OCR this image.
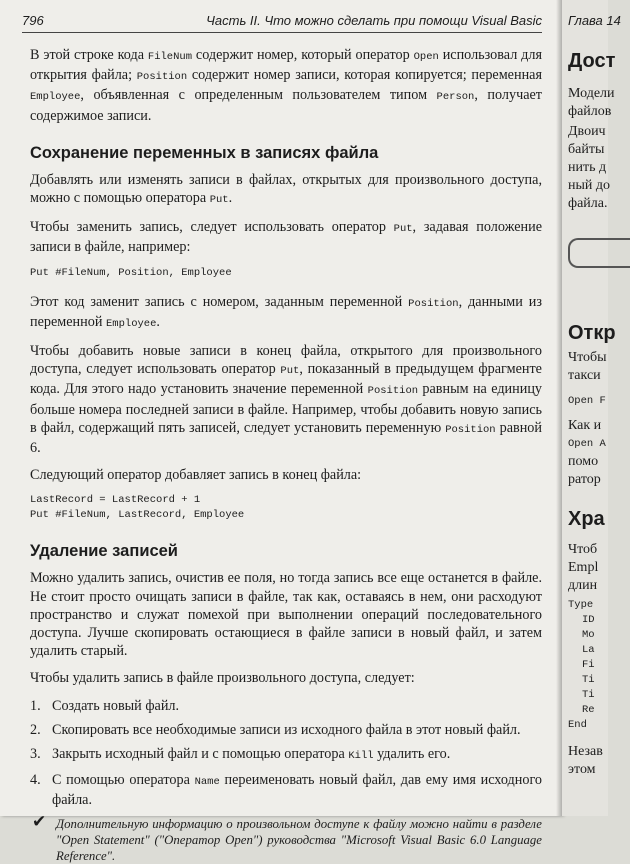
796	Часть II. Что можно сделать при помощи Visual Basic

В этой строке кода FileNum содержит номер, который оператор Open использовал для открытия файла; Position содержит номер записи, которая копируется; переменная Employee, объявленная с определенным пользователем типом Person, получает содержимое записи.

Сохранение переменных в записях файла

Добавлять или изменять записи в файлах, открытых для произвольного доступа, можно с помощью оператора Put.

Чтобы заменить запись, следует использовать оператор Put, задавая положение записи в файле, например:

Put #FileNum, Position, Employee

Этот код заменит запись с номером, заданным переменной Position, данными из переменной Employee.

Чтобы добавить новые записи в конец файла, открытого для произвольного доступа, следует использовать оператор Put, показанный в предыдущем фрагменте кода. Для этого надо установить значение переменной Position равным на единицу больше номера последней записи в файле. Например, чтобы добавить новую запись в файл, содержащий пять записей, следует установить переменную Position равной 6.

Следующий оператор добавляет запись в конец файла:

LastRecord = LastRecord + 1
Put #FileNum, LastRecord, Employee
Удаление записей

Можно удалить запись, очистив ее поля, но тогда запись все еще останется в файле. Не стоит просто очищать записи в файле, так как, оставаясь в нем, они расходуют пространство и служат помехой при выполнении операций последовательного доступа. Лучше скопировать остающиеся в файле записи в новый файл, и затем удалить старый.

Чтобы удалить запись в файле произвольного доступа, следует:

1. Создать новый файл.
2. Скопировать все необходимые записи из исходного файла в этот новый файл.
3. Закрыть исходный файл и с помощью оператора Kill удалить его.
4. С помощью оператора Name переименовать новый файл, дав ему имя исходного файла.
✔ Дополнительную информацию о произвольном доступе к файлу можно найти в разделе "Open Statement" ("Оператор Open") руководства "Microsoft Visual Basic 6.0 Language Reference".
Глава 14
Дост
Модели
файлов
Двоич
байты
нить д
ный до
файла.
Откр
Чтобы
такси
Open F
Как и
Open A
помо
ратор
Хра
Чтоб
Empl
длин
Type
ID
Mo
La
Fi
Ti
Ti
Re
End
Незав
этом
